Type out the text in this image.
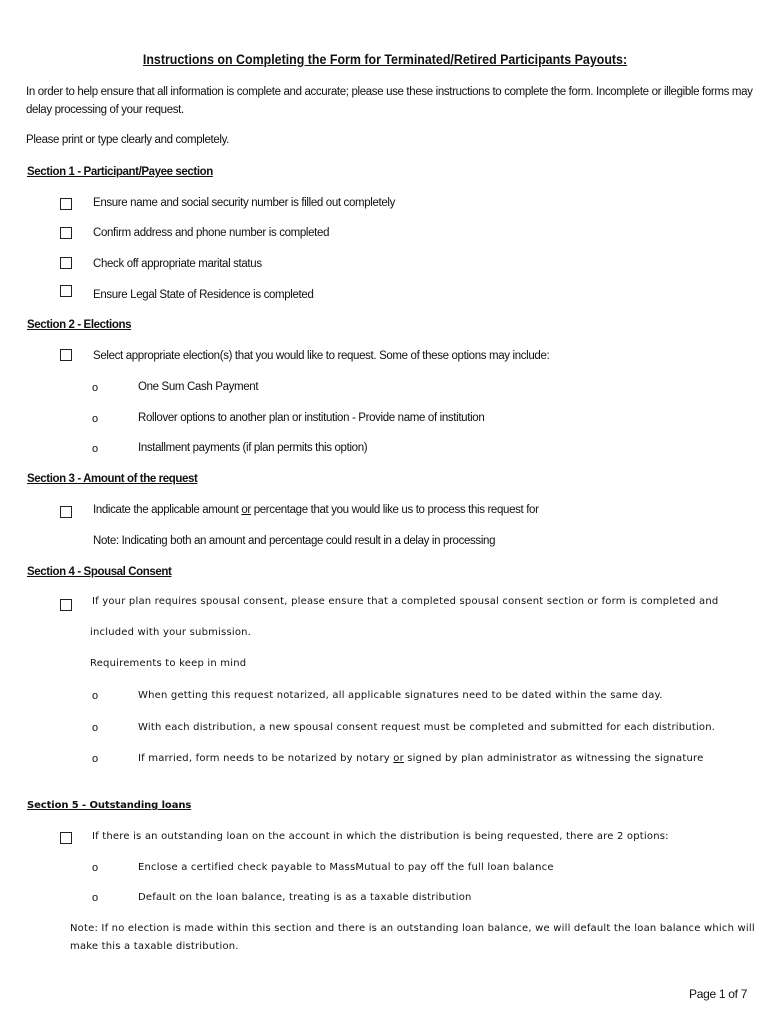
Instructions on Completing the Form for Terminated/Retired Participants Payouts:
In order to help ensure that all information is complete and accurate; please use these instructions to complete the form. Incomplete or illegible forms may
delay processing of your request.
Please print or type clearly and completely.
Section 1 - Participant/Payee section
Ensure name and social security number is filled out completely
Confirm address and phone number is completed
Check off appropriate marital status
Ensure Legal State of Residence is completed
Section 2 - Elections
Select appropriate election(s) that you would like to request. Some of these options may include:
o	One Sum Cash Payment
o	Rollover options to another plan or institution - Provide name of institution
o	Installment payments (if plan permits this option)
Section 3 - Amount of the request
Indicate the applicable amount or percentage that you would like us to process this request for
Note: Indicating both an amount and percentage could result in a delay in processing
Section 4 - Spousal Consent
If your plan requires spousal consent, please ensure that a completed spousal consent section or form is completed and
included with your submission.
Requirements to keep in mind
o	When getting this request notarized, all applicable signatures need to be dated within the same day.
o	With each distribution, a new spousal consent request must be completed and submitted for each distribution.
o	If married, form needs to be notarized by notary or signed by plan administrator as witnessing the signature
Section 5 - Outstanding loans
If there is an outstanding loan on the account in which the distribution is being requested, there are 2 options:
o	Enclose a certified check payable to MassMutual to pay off the full loan balance
o	Default on the loan balance, treating is as a taxable distribution
Note: If no election is made within this section and there is an outstanding loan balance, we will default the loan balance which will
make this a taxable distribution.
Page 1 of 7
